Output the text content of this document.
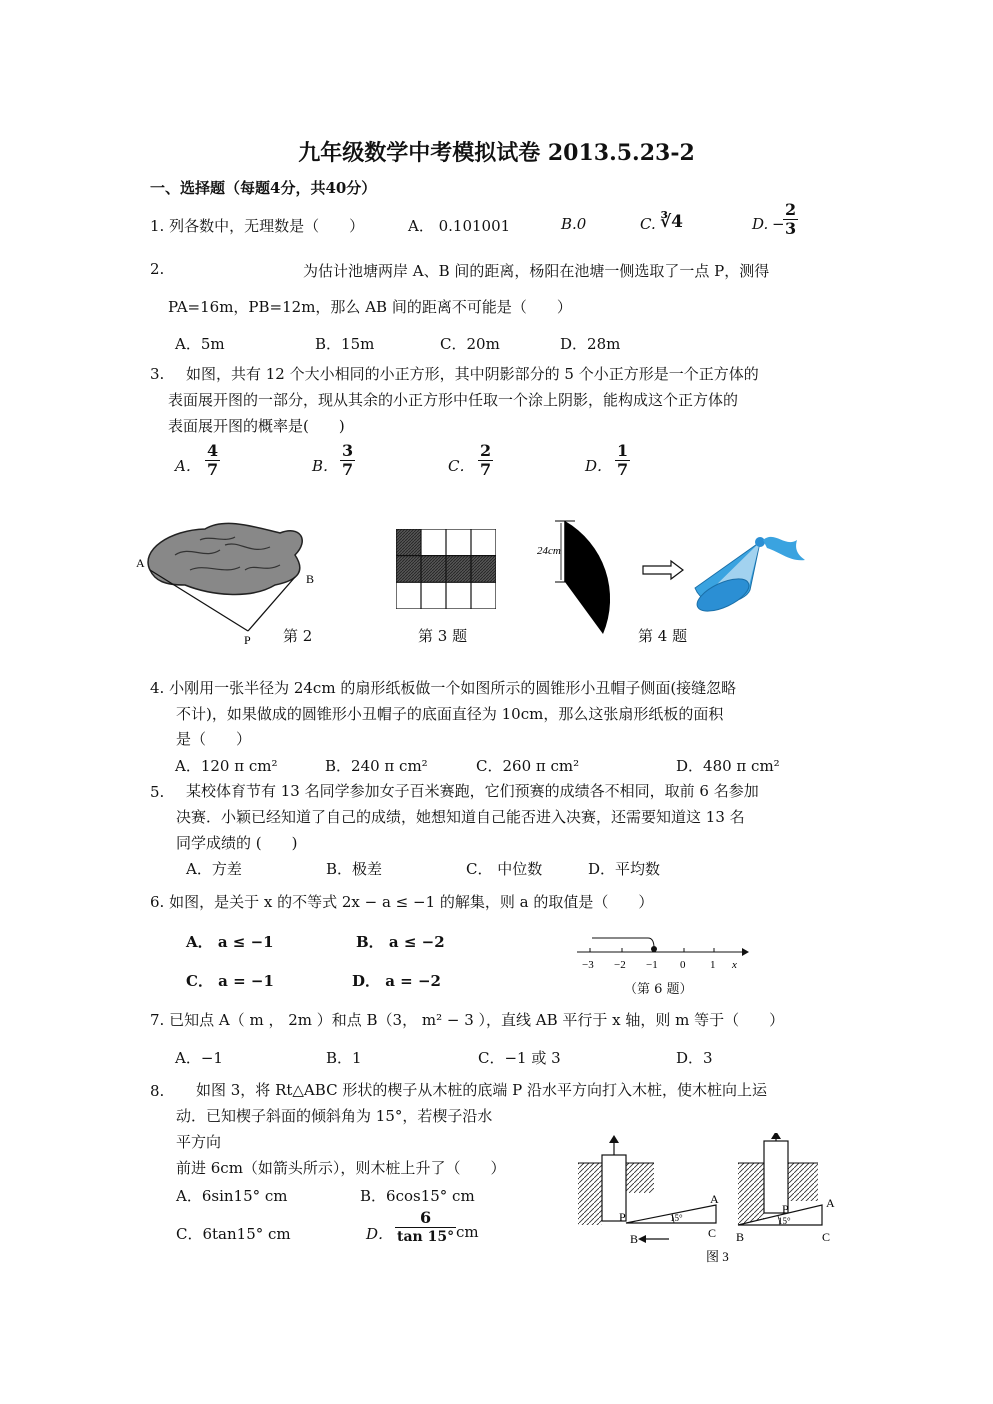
九年级数学中考模拟试卷 2013.5.23-2
一、选择题（每题4分，共40分）
1. 列各数中，无理数是（　　）	A． 0.101001	B.0	C. ∛4	D. −
$\frac{2}{3}$
2.	为估计池塘两岸 A、B 间的距离，杨阳在池塘一侧选取了一点 P，测得
PA=16m，PB=12m，那么 AB 间的距离不可能是（　　）
A．5m	B．15m	C．20m	D．28m
3. 如图，共有 12 个大小相同的小正方形，其中阴影部分的 5 个小正方形是一个正方体的
表面展开图的一部分，现从其余的小正方形中任取一个涂上阴影，能构成这个正方体的
表面展开图的概率是(　　)
A． $\frac{4}{7}$	B． $\frac{3}{7}$	C． $\frac{2}{7}$	D． $\frac{1}{7}$
A
B
P 第 2	第 3 题
24cm
第 4 题
4. 小刚用一张半径为 24cm 的扇形纸板做一个如图所示的圆锥形小丑帽子侧面(接缝忽略
不计)，如果做成的圆锥形小丑帽子的底面直径为 10cm，那么这张扇形纸板的面积
是（　　）
A．120 π cm²	B．240 π cm²	C．260 π cm²	D．480 π cm²
5. 某校体育节有 13 名同学参加女子百米赛跑，它们预赛的成绩各不相同，取前 6 名参加
决赛．小颖已经知道了自己的成绩，她想知道自己能否进入决赛，还需要知道这 13 名
同学成绩的 (　　)
A．方差	B．极差	C． 中位数	D．平均数
6. 如图，是关于 x 的不等式 2x − a ≤ −1 的解集，则 a 的取值是（　　）
A． a ≤ −1	B． a ≤ −2
C． a = −1	D． a = −2
−3 −2 −1 0 1 x
（第 6 题）
7. 已知点 A（ m ， 2m ）和点 B（3， m² − 3 ），直线 AB 平行于 x 轴，则 m 等于（　　）
A．−1	B．1	C．−1 或 3	D．3
8. 如图 3，将 Rt△ABC 形状的楔子从木桩的底端 P 沿水平方向打入木桩，使木桩向上运
动．已知楔子斜面的倾斜角为 15°，若楔子沿水
平方向
前进 6cm（如箭头所示），则木桩上升了（　　）
A．6sin15° cm	B．6cos15° cm
C．6tan15° cm	D． $\frac{6}{\tan 15^\circ}$ cm
P
A
B	C
15°
P	A
B	C
15°
图 3
